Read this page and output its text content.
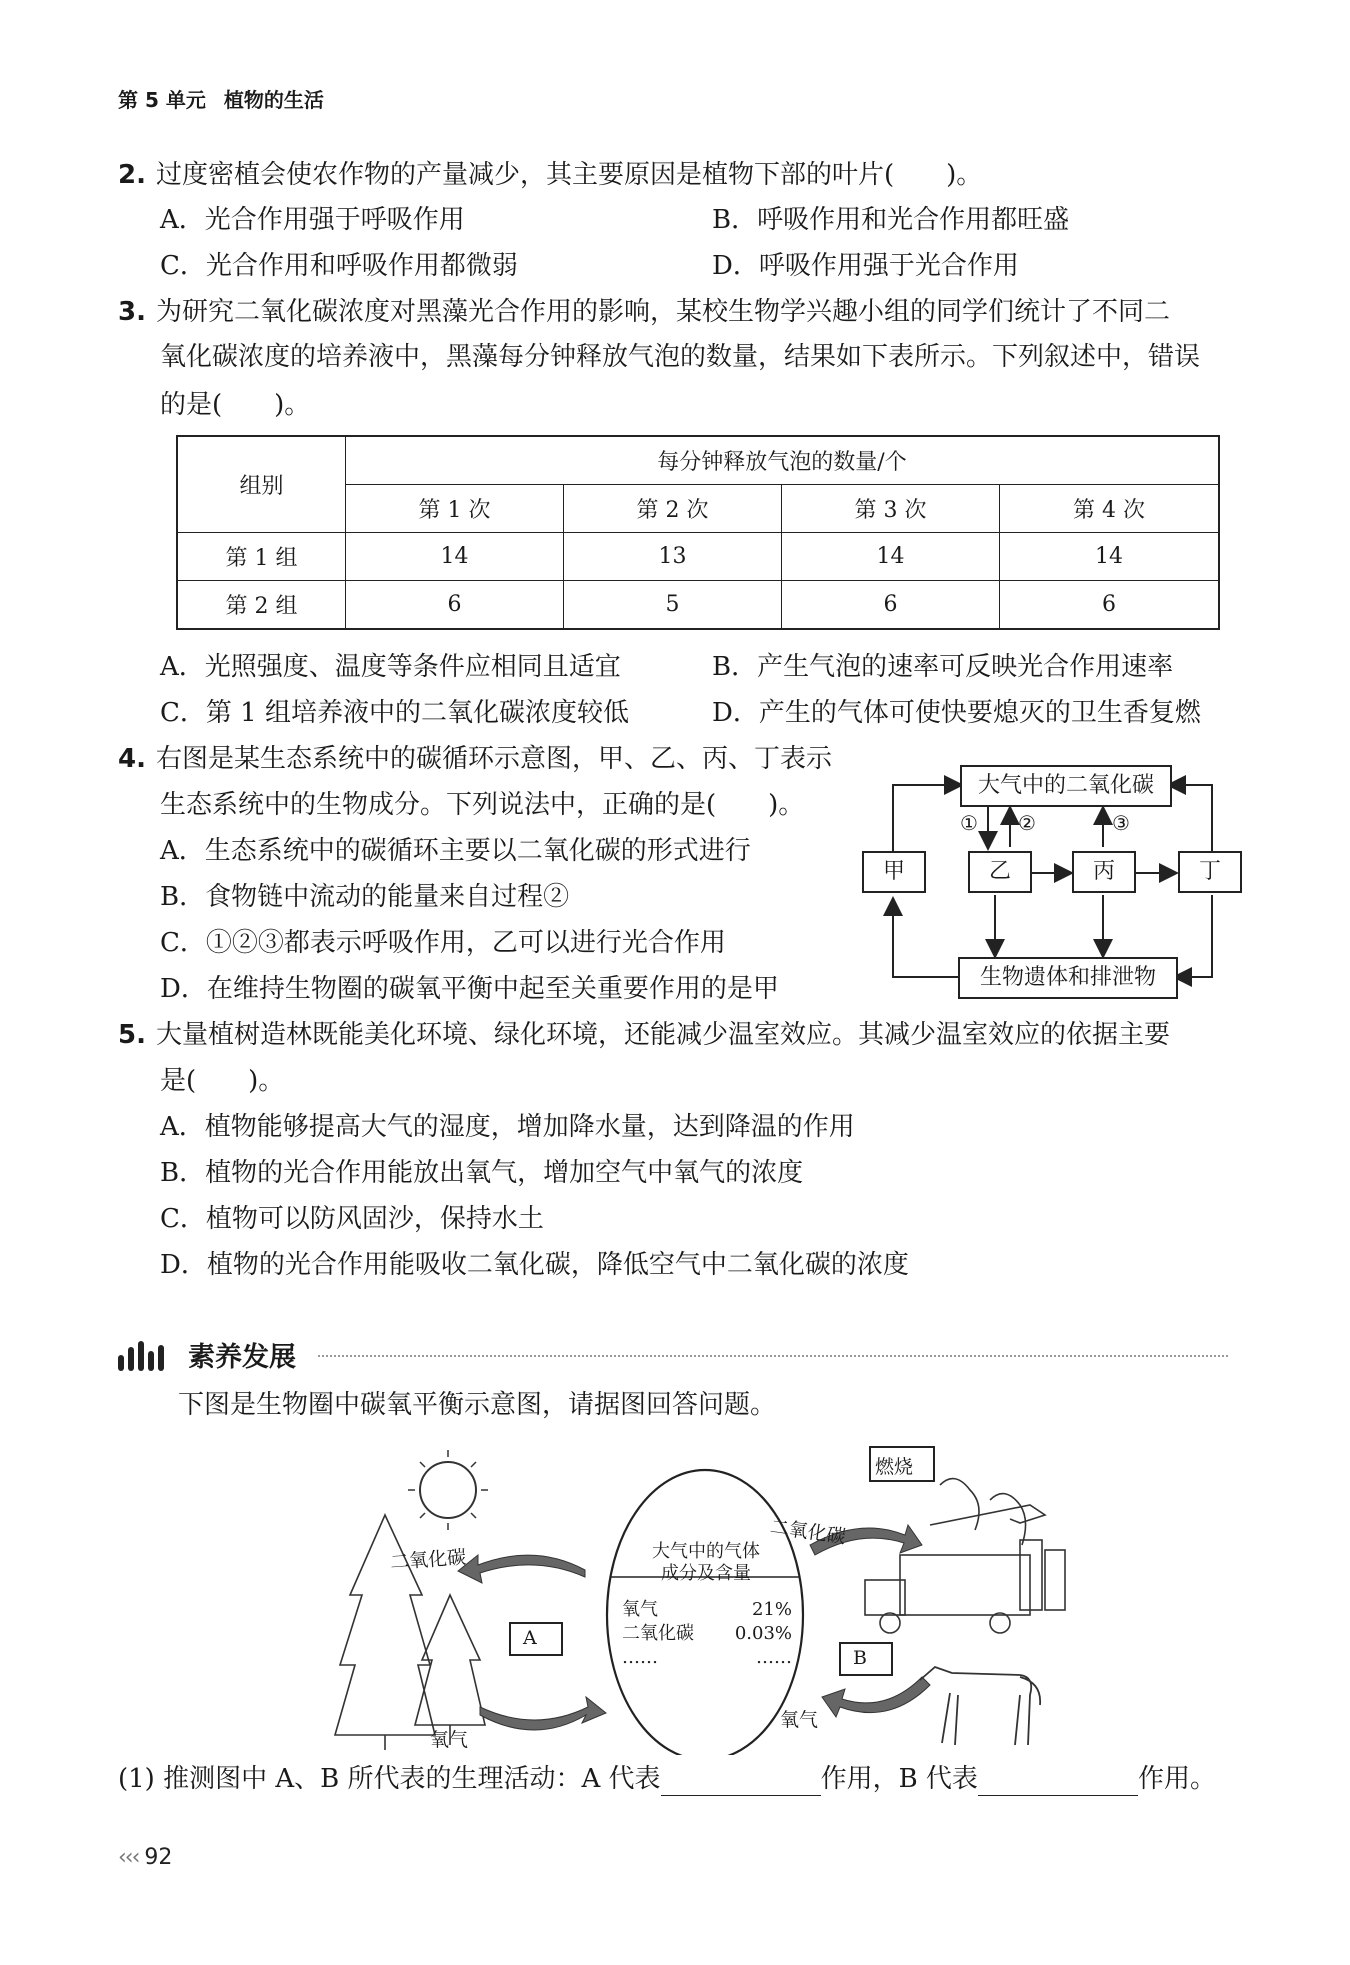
第 5 单元 植物的生活
2. 过度密植会使农作物的产量减少，其主要原因是植物下部的叶片(　　)。
A．光合作用强于呼吸作用	B．呼吸作用和光合作用都旺盛
C．光合作用和呼吸作用都微弱	D．呼吸作用强于光合作用
3. 为研究二氧化碳浓度对黑藻光合作用的影响，某校生物学兴趣小组的同学们统计了不同二
氧化碳浓度的培养液中，黑藻每分钟释放气泡的数量，结果如下表所示。下列叙述中，错误
的是(　　)。
组别	每分钟释放气泡的数量/个			
	第 1 次	第 2 次	第 3 次	第 4 次
第 1 组	14	13	14	14
第 2 组	6	5	6	6
A．光照强度、温度等条件应相同且适宜	B．产生气泡的速率可反映光合作用速率
C．第 1 组培养液中的二氧化碳浓度较低	D．产生的气体可使快要熄灭的卫生香复燃
4. 右图是某生态系统中的碳循环示意图，甲、乙、丙、丁表示
生态系统中的生物成分。下列说法中，正确的是(　　)。
A．生态系统中的碳循环主要以二氧化碳的形式进行
B．食物链中流动的能量来自过程②
C．①②③都表示呼吸作用，乙可以进行光合作用
D．在维持生物圈的碳氧平衡中起至关重要作用的是甲
大气中的二氧化碳
甲	乙	丙	丁
生物遗体和排泄物
① ②	③
5. 大量植树造林既能美化环境、绿化环境，还能减少温室效应。其减少温室效应的依据主要
是(　　)。
A．植物能够提高大气的湿度，增加降水量，达到降温的作用
B．植物的光合作用能放出氧气，增加空气中氧气的浓度
C．植物可以防风固沙，保持水土
D．植物的光合作用能吸收二氧化碳，降低空气中二氧化碳的浓度
素养发展
下图是生物圈中碳氧平衡示意图，请据图回答问题。
二氧化碳
氧气
A
大气中的气体
成分及含量
氧气	21%
二氧化碳 0.03%
……	……
燃烧
二氧化碳
B
氧气
(1) 推测图中 A、B 所代表的生理活动：A 代表	作用，B 代表	作用。
‹‹‹ 92
